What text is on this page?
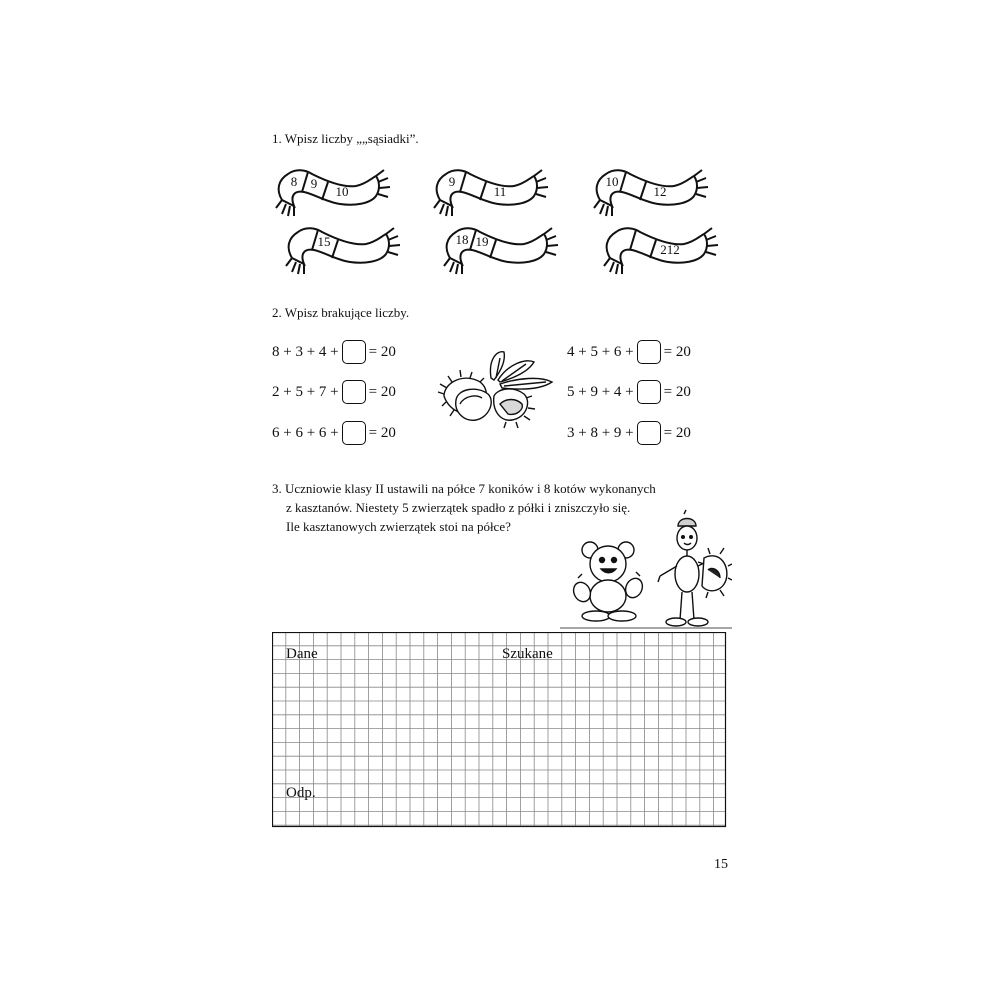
1. Wpisz liczby „„sąsiadki”.
8 9
10
9
11
10
12
15	18 19
212
2. Wpisz brakujące liczby.
8 + 3 + 4 + = 20
2 + 5 + 7 + = 20
6 + 6 + 6 + = 20
4 + 5 + 6 + = 20
5 + 9 + 4 + = 20
3 + 8 + 9 + = 20
3. Uczniowie klasy II ustawili na półce 7 koników i 8 kotów wykonanych
z kasztanów. Niestety 5 zwierzątek spadło z półki i zniszczyło się.
Ile kasztanowych zwierzątek stoi na półce?
Dane	Szukane
Odp.
15
